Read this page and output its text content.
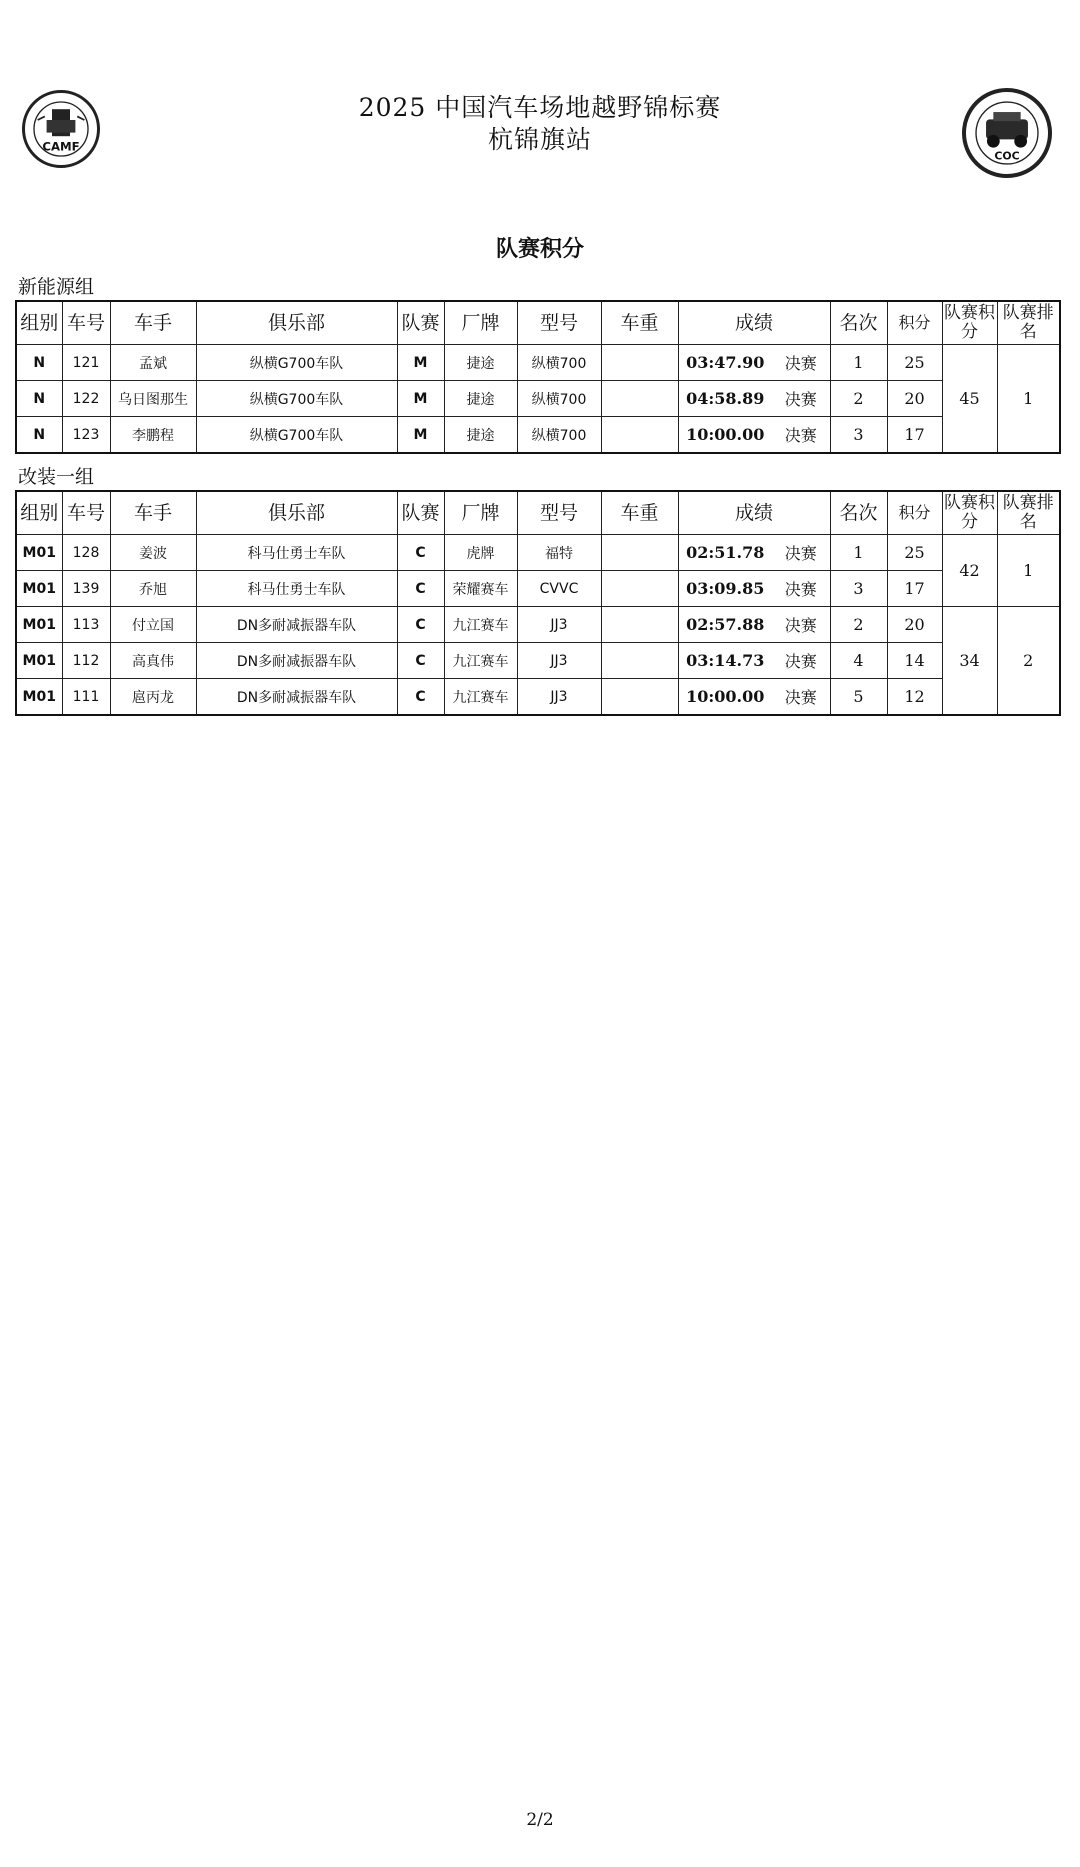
CAMF
COC
2025 中国汽车场地越野锦标赛
杭锦旗站
队赛积分
新能源组
组别	车号	车手	俱乐部	队赛	厂牌	型号	车重	成绩		名次	积分	队赛积分	队赛排名
N	121	孟斌	纵横G700车队	M	捷途	纵横700		03:47.90	决赛	1	25	45	1
N	122	乌日图那生	纵横G700车队	M	捷途	纵横700		04:58.89	决赛	2	20		
N	123	李鹏程	纵横G700车队	M	捷途	纵横700		10:00.00	决赛	3	17		
改装一组
组别	车号	车手	俱乐部	队赛	厂牌	型号	车重	成绩		名次	积分	队赛积分	队赛排名
M01	128	姜波	科马仕勇士车队	C	虎牌	福特		02:51.78	决赛	1	25	42	1
M01	139	乔旭	科马仕勇士车队	C	荣耀赛车	CVVC		03:09.85	决赛	3	17		
M01	113	付立国	DN多耐减振器车队	C	九江赛车	JJ3		02:57.88	决赛	2	20	34	2
M01	112	高真伟	DN多耐减振器车队	C	九江赛车	JJ3		03:14.73	决赛	4	14		
M01	111	扈丙龙	DN多耐减振器车队	C	九江赛车	JJ3		10:00.00	决赛	5	12		
2/2
